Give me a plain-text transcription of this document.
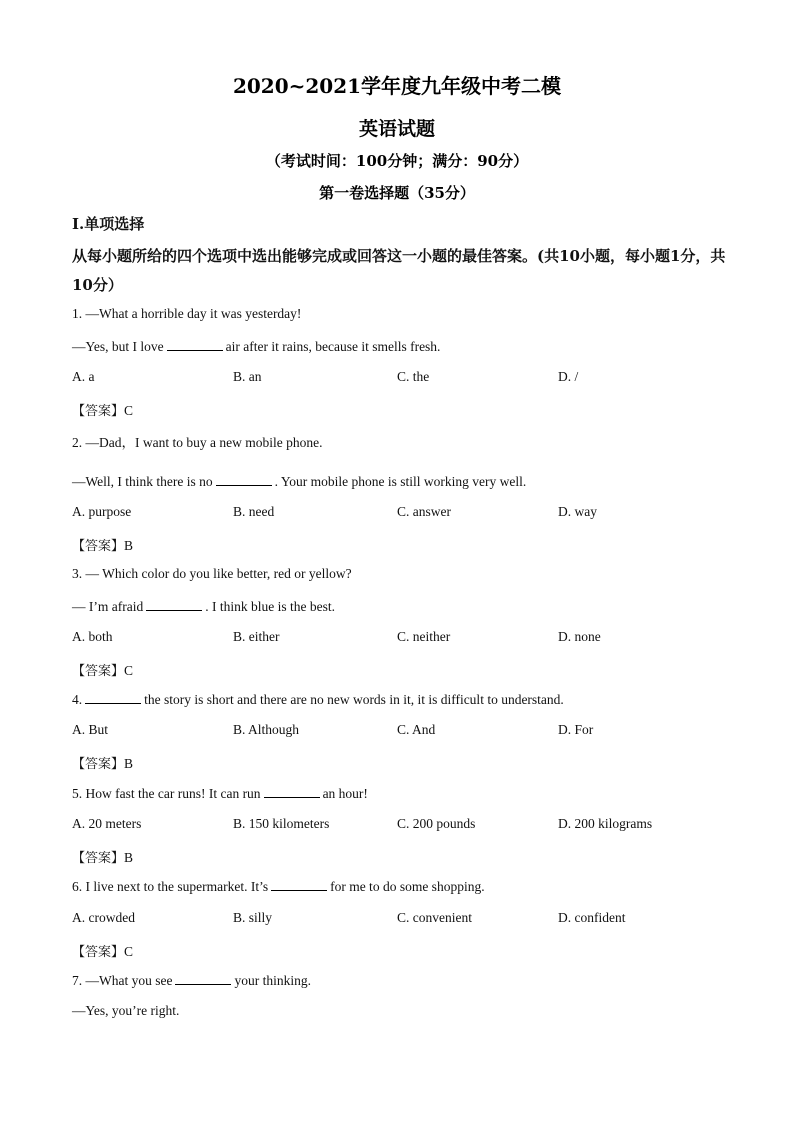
2020~2021学年度九年级中考二模
英语试题
（考试时间：100分钟；满分：90分）
第一卷选择题（35分）
I.单项选择
从每小题所给的四个选项中选出能够完成或回答这一小题的最佳答案。(共10小题，每小题1分，共10分）
1. —What a horrible day it was yesterday!
—Yes, but I love	air after it rains, because it smells fresh.
A. a	B. an	C. the	D. /
【答案】C
2. —Dad，I want to buy a new mobile phone.
—Well, I think there is no	. Your mobile phone is still working very well.
A. purpose	B. need	C. answer	D. way
【答案】B
3. — Which color do you like better, red or yellow?
— I’m afraid	. I think blue is the best.
A. both	B. either	C. neither	D. none
【答案】C
4.	the story is short and there are no new words in it, it is difficult to understand.
A. But	B. Although	C. And	D. For
【答案】B
5. How fast the car runs! It can run	an hour!
A. 20 meters	B. 150 kilometers	C. 200 pounds	D. 200 kilograms
【答案】B
6. I live next to the supermarket. It’s	for me to do some shopping.
A. crowded	B. silly	C. convenient	D. confident
【答案】C
7. —What you see	your thinking.
—Yes, you’re right.
